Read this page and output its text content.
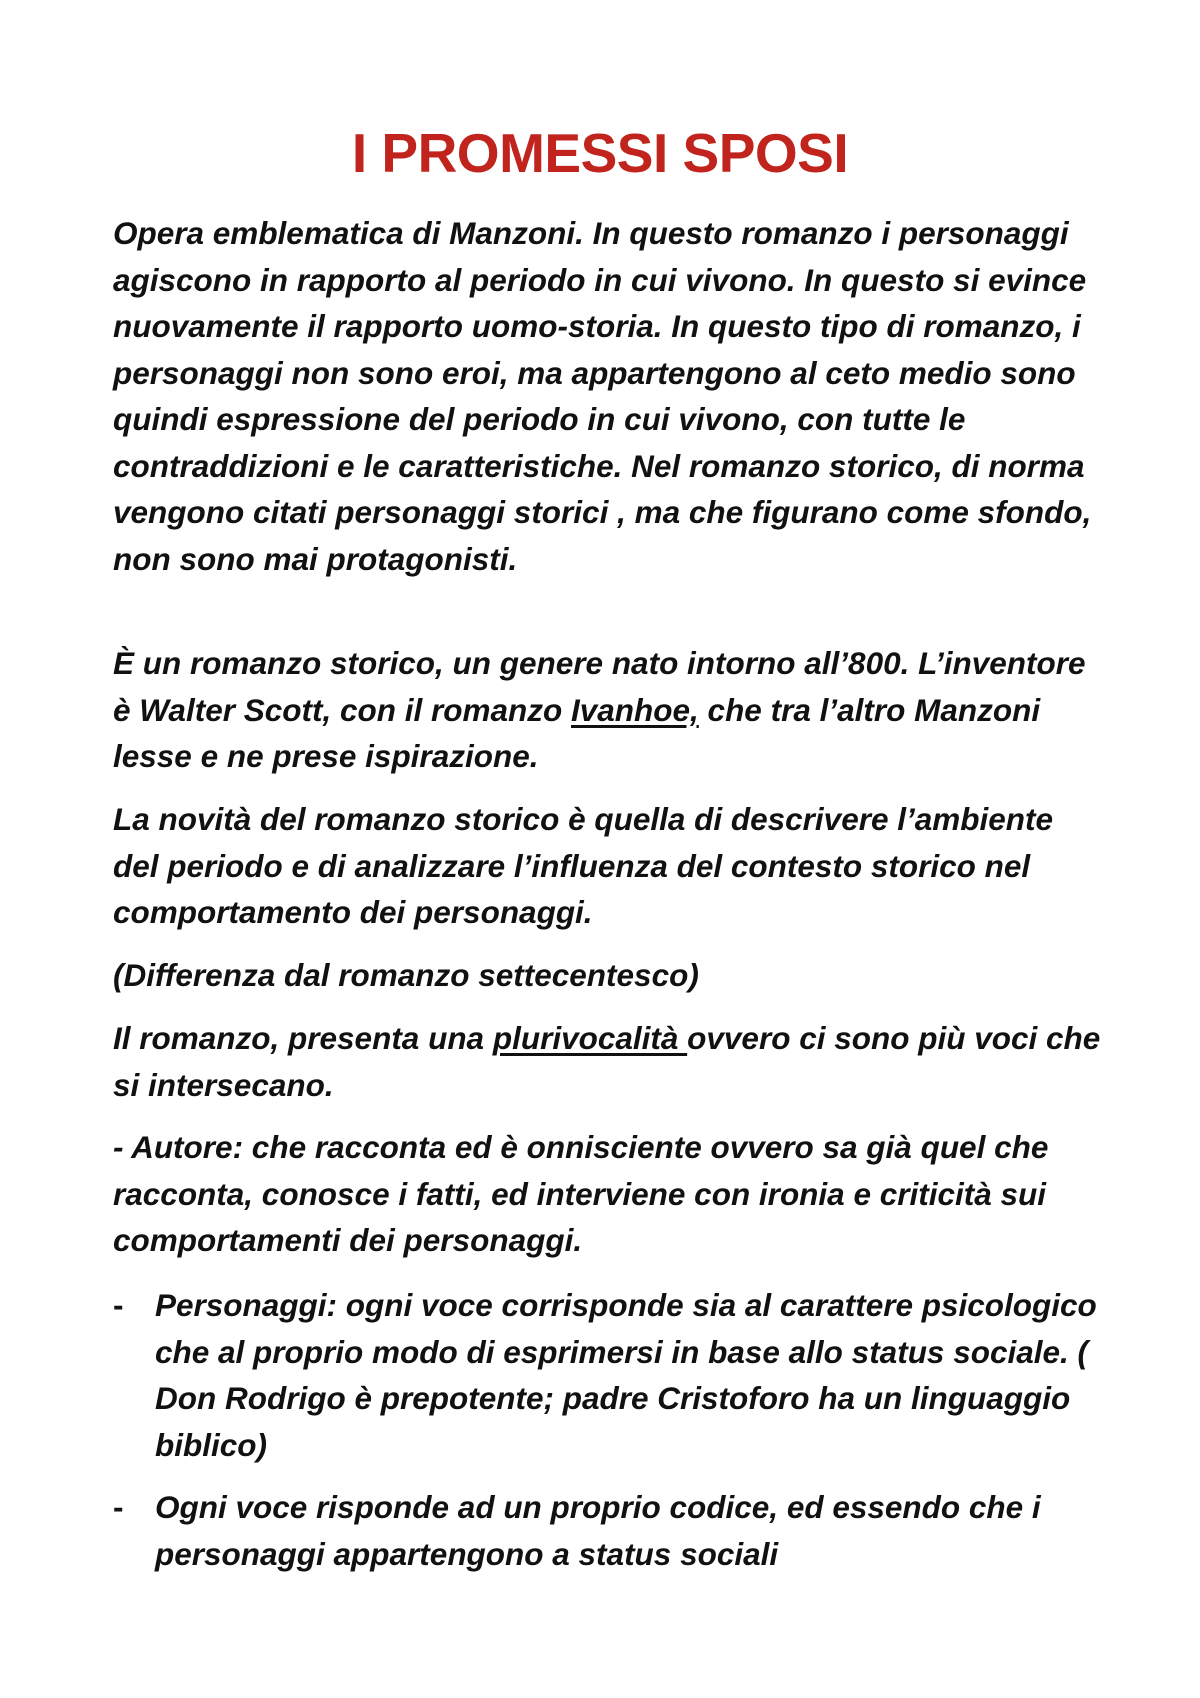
I PROMESSI SPOSI

Opera emblematica di Manzoni. In questo romanzo i personaggi agiscono in rapporto al periodo in cui vivono. In questo si evince nuovamente il rapporto uomo-storia. In questo tipo di romanzo, i personaggi non sono eroi, ma appartengono al ceto medio sono quindi espressione del periodo in cui vivono, con tutte le contraddizioni e le caratteristiche. Nel romanzo storico, di norma vengono citati personaggi storici , ma che figurano come sfondo, non sono mai protagonisti.

È un romanzo storico, un genere nato intorno all’800. L’inventore è Walter Scott, con il romanzo Ivanhoe, che tra l’altro Manzoni lesse e ne prese ispirazione.

La novità del romanzo storico è quella di descrivere l’ambiente del periodo e di analizzare l’influenza del contesto storico nel comportamento dei personaggi.

(Differenza dal romanzo settecentesco)

Il romanzo, presenta una plurivocalità ovvero ci sono più voci che si intersecano.

- Autore: che racconta ed è onnisciente ovvero sa già quel che racconta, conosce i fatti, ed interviene con ironia e criticità sui comportamenti dei personaggi.

- Personaggi: ogni voce corrisponde sia al carattere psicologico che al proprio modo di esprimersi in base allo status sociale. ( Don Rodrigo è prepotente; padre Cristoforo ha un linguaggio biblico)
- Ogni voce risponde ad un proprio codice, ed essendo che i personaggi appartengono a status sociali
